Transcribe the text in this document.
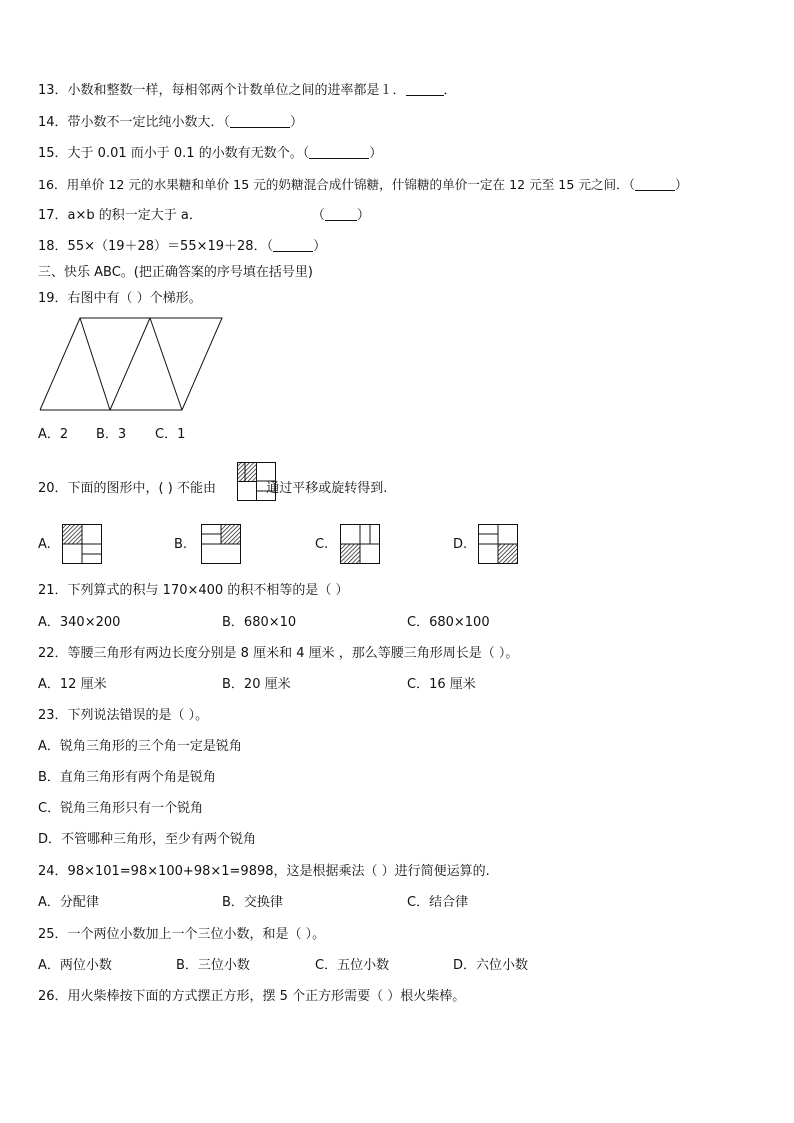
13．小数和整数一样，每相邻两个计数单位之间的进率都是１．	．
14．带小数不一定比纯小数大．（	）
15．大于 0.01 而小于 0.1 的小数有无数个。（	）
16．用单价 12 元的水果糖和单价 15 元的奶糖混合成什锦糖，什锦糖的单价一定在 12 元至 15 元之间．（	）
17．a×b 的积一定大于 a．	（ ）
18．55×（19＋28）＝55×19＋28．（	）
三、快乐 ABC。(把正确答案的序号填在括号里)
19．右图中有（ ）个梯形。
A．2 B．3 C．1
20．下面的图形中，( ) 不能由	通过平移或旋转得到.
A.	B.	C.	D.
21．下列算式的积与 170×400 的积不相等的是（ ）
A．340×200	B．680×10	C．680×100
22．等腰三角形有两边长度分别是 8 厘米和 4 厘米 ，那么等腰三角形周长是（ ）。
A．12 厘米	B．20 厘米	C．16 厘米
23．下列说法错误的是（ ）。
A．锐角三角形的三个角一定是锐角
B．直角三角形有两个角是锐角
C．锐角三角形只有一个锐角
D．不管哪种三角形，至少有两个锐角
24．98×101=98×100+98×1=9898，这是根据乘法（ ）进行简便运算的.
A．分配律	B．交换律	C．结合律
25．一个两位小数加上一个三位小数，和是（ ）。
A．两位小数	B．三位小数	C．五位小数	D．六位小数
26．用火柴棒按下面的方式摆正方形，摆 5 个正方形需要（ ）根火柴棒。
